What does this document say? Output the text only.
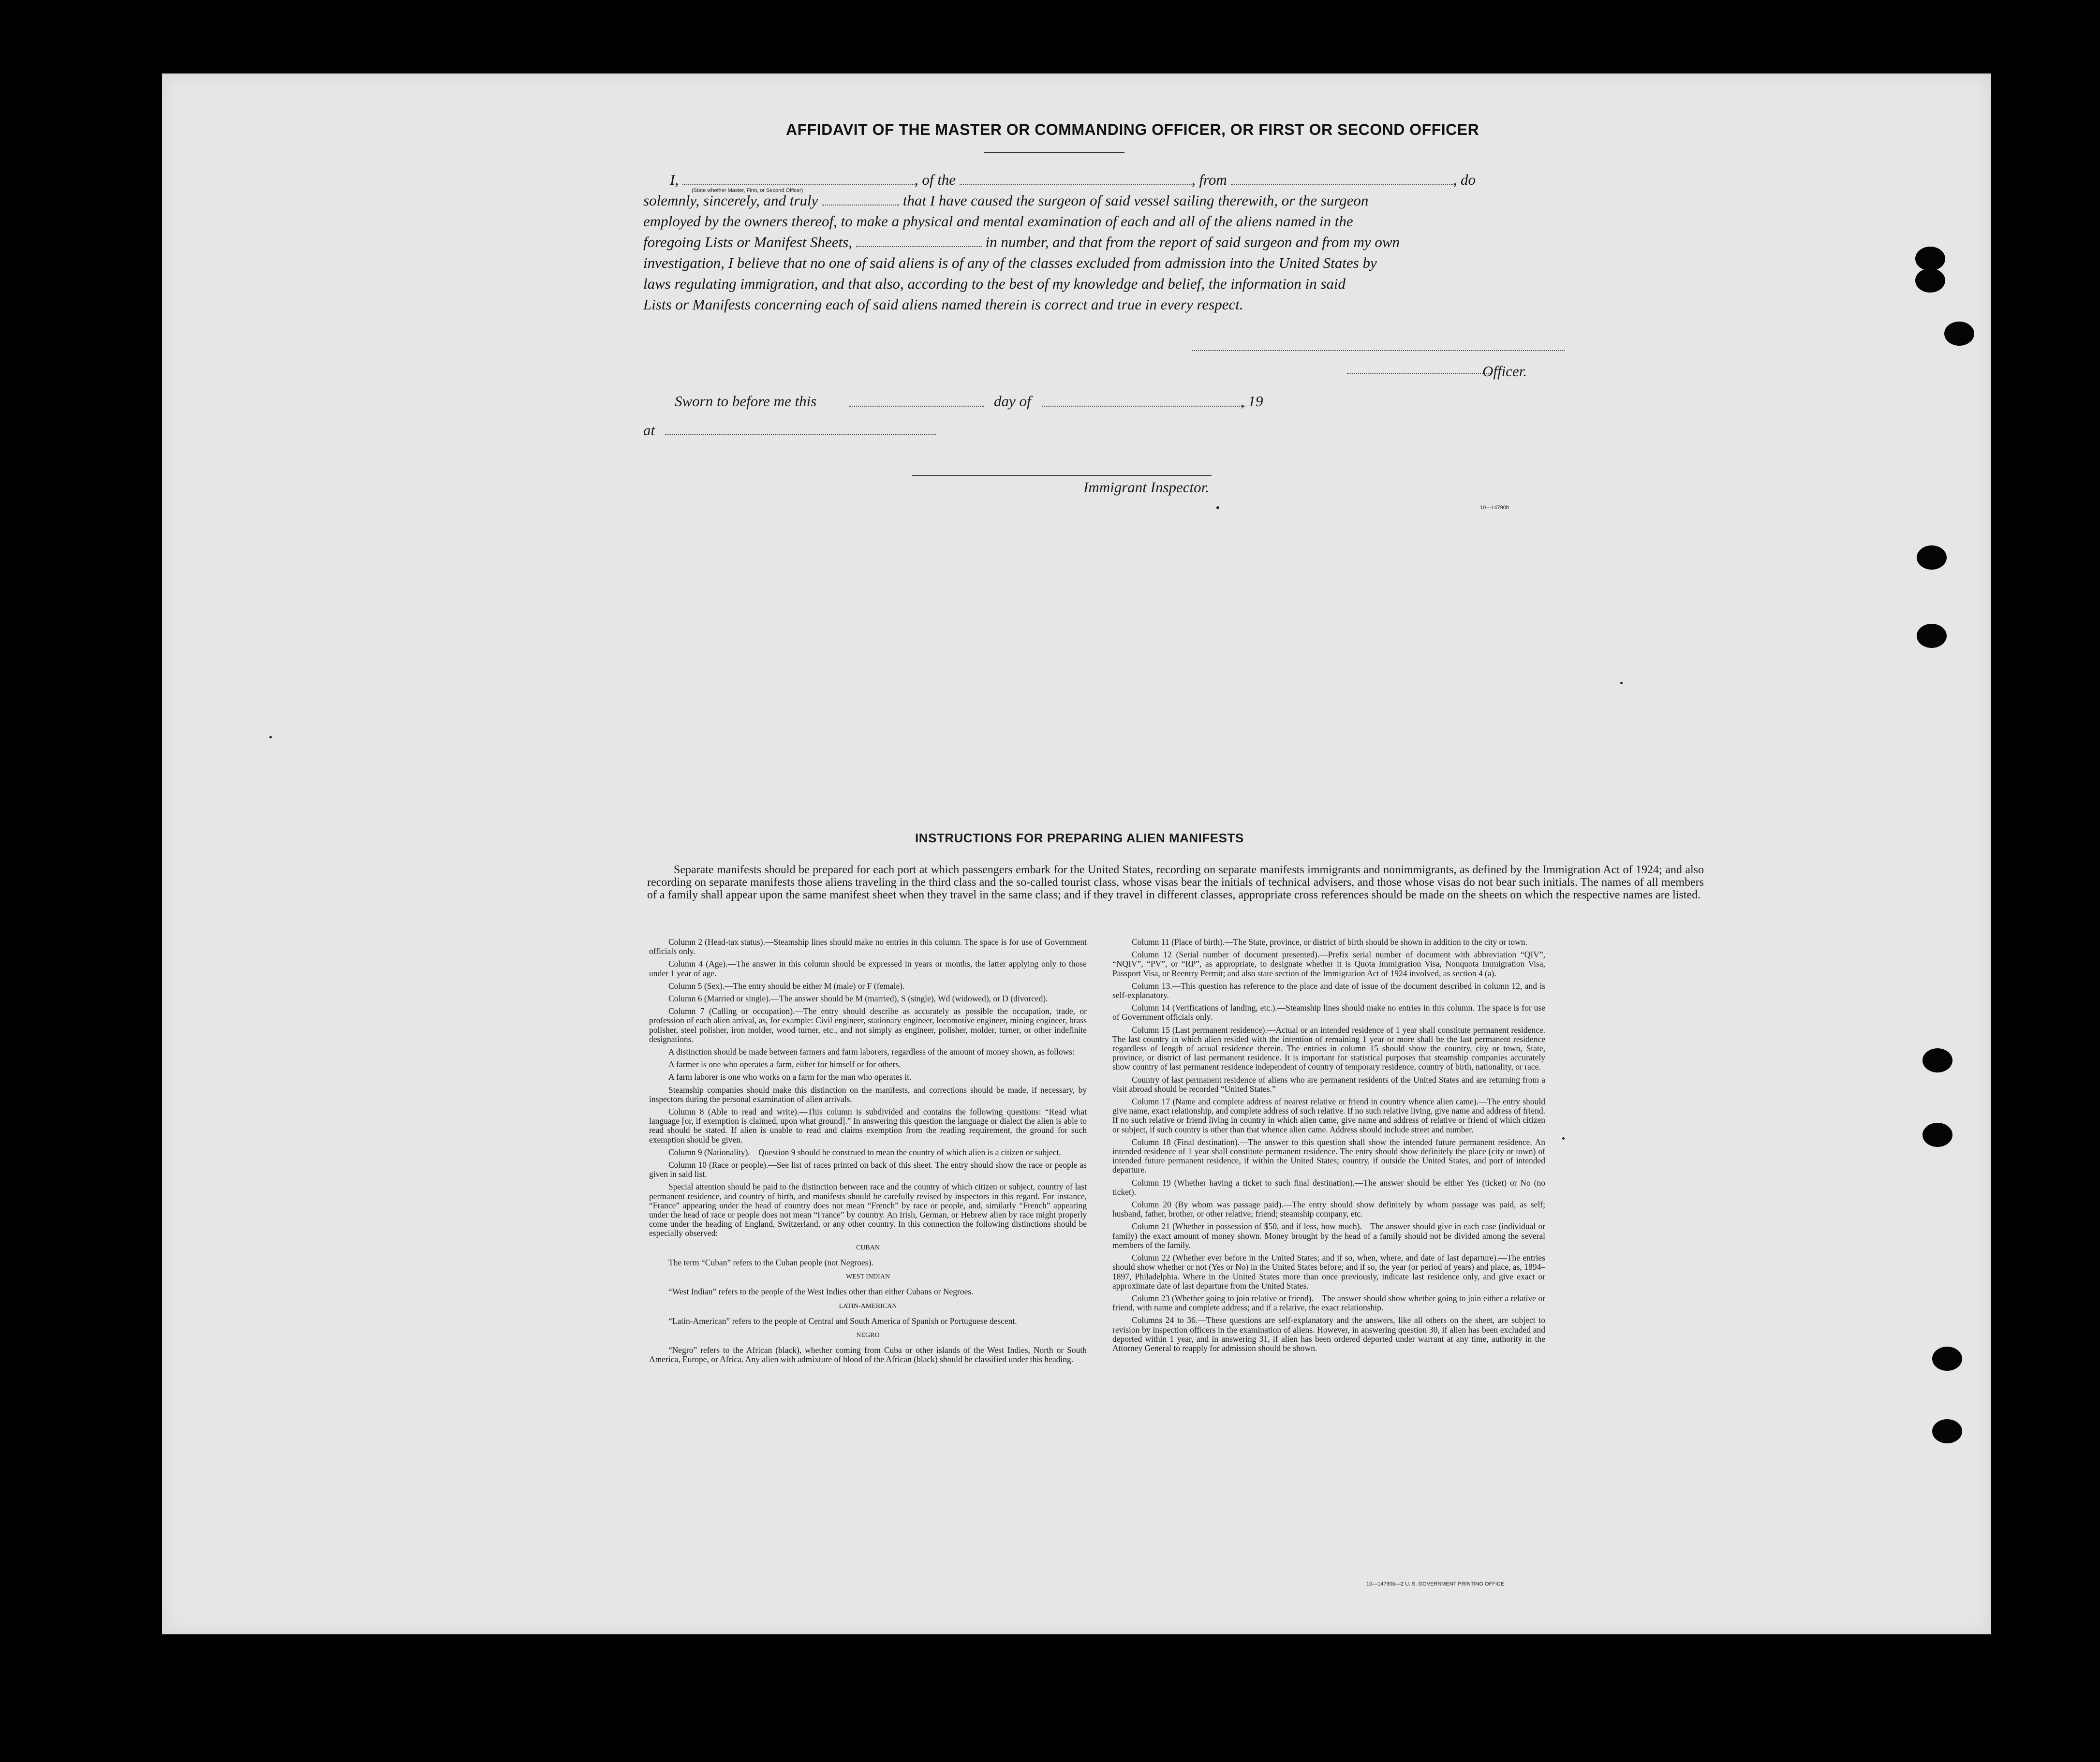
AFFIDAVIT OF THE MASTER OR COMMANDING OFFICER, OR FIRST OR SECOND OFFICER
I,	, of the	, from	, do
(State whether Master, First, or Second Officer)
solemnly, sincerely, and truly	that I have caused the surgeon of said vessel sailing therewith, or the surgeon
employed by the owners thereof, to make a physical and mental examination of each and all of the aliens named in the
foregoing Lists or Manifest Sheets,	in number, and that from the report of said surgeon and from my own
investigation, I believe that no one of said aliens is of any of the classes excluded from admission into the United States by
laws regulating immigration, and that also, according to the best of my knowledge and belief, the information in said
Lists or Manifests concerning each of said aliens named therein is correct and true in every respect.
Officer.
Sworn to before me this	day of	, 19
at
Immigrant Inspector.
10—14790b
INSTRUCTIONS FOR PREPARING ALIEN MANIFESTS
Separate manifests should be prepared for each port at which passengers embark for the United States, recording on separate manifests immigrants and nonimmigrants, as defined by the Immigration Act of 1924; and also recording on separate manifests those aliens traveling in the third class and the so-called tourist class, whose visas bear the initials of technical advisers, and those whose visas do not bear such initials. The names of all members of a family shall appear upon the same manifest sheet when they travel in the same class; and if they travel in different classes, appropriate cross references should be made on the sheets on which the respective names are listed.

Column 2 (Head-tax status).—Steamship lines should make no entries in this column. The space is for use of Government officials only.

Column 4 (Age).—The answer in this column should be expressed in years or months, the latter applying only to those under 1 year of age.

Column 5 (Sex).—The entry should be either M (male) or F (female).

Column 6 (Married or single).—The answer should be M (married), S (single), Wd (widowed), or D (divorced).

Column 7 (Calling or occupation).—The entry should describe as accurately as possible the occupation, trade, or profession of each alien arrival, as, for example: Civil engineer, stationary engineer, locomotive engineer, mining engineer, brass polisher, steel polisher, iron molder, wood turner, etc., and not simply as engineer, polisher, molder, turner, or other indefinite designations.

A distinction should be made between farmers and farm laborers, regardless of the amount of money shown, as follows:

A farmer is one who operates a farm, either for himself or for others.

A farm laborer is one who works on a farm for the man who operates it.

Steamship companies should make this distinction on the manifests, and corrections should be made, if necessary, by inspectors during the personal examination of alien arrivals.

Column 8 (Able to read and write).—This column is subdivided and contains the following questions: “Read what language [or, if exemption is claimed, upon what ground].” In answering this question the language or dialect the alien is able to read should be stated. If alien is unable to read and claims exemption from the reading requirement, the ground for such exemption should be given.

Column 9 (Nationality).—Question 9 should be construed to mean the country of which alien is a citizen or subject.

Column 10 (Race or people).—See list of races printed on back of this sheet. The entry should show the race or people as given in said list.

Special attention should be paid to the distinction between race and the country of which citizen or subject, country of last permanent residence, and country of birth, and manifests should be carefully revised by inspectors in this regard. For instance, “France” appearing under the head of country does not mean “French” by race or people, and, similarly “French” appearing under the head of race or people does not mean “France” by country. An Irish, German, or Hebrew alien by race might properly come under the heading of England, Switzerland, or any other country. In this connection the following distinctions should be especially observed:

CUBAN

The term “Cuban” refers to the Cuban people (not Negroes).

WEST INDIAN

“West Indian” refers to the people of the West Indies other than either Cubans or Negroes.

LATIN-AMERICAN

“Latin-American” refers to the people of Central and South America of Spanish or Portuguese descent.

NEGRO

“Negro” refers to the African (black), whether coming from Cuba or other islands of the West Indies, North or South America, Europe, or Africa. Any alien with admixture of blood of the African (black) should be classified under this heading.

Column 11 (Place of birth).—The State, province, or district of birth should be shown in addition to the city or town.

Column 12 (Serial number of document presented).—Prefix serial number of document with abbreviation “QIV”, “NQIV”, “PV”, or “RP”, as appropriate, to designate whether it is Quota Immigration Visa, Nonquota Immigration Visa, Passport Visa, or Reentry Permit; and also state section of the Immigration Act of 1924 involved, as section 4 (a).

Column 13.—This question has reference to the place and date of issue of the document described in column 12, and is self-explanatory.

Column 14 (Verifications of landing, etc.).—Steamship lines should make no entries in this column. The space is for use of Government officials only.

Column 15 (Last permanent residence).—Actual or an intended residence of 1 year shall constitute permanent residence. The last country in which alien resided with the intention of remaining 1 year or more shall be the last permanent residence regardless of length of actual residence therein. The entries in column 15 should show the country, city or town, State, province, or district of last permanent residence. It is important for statistical purposes that steamship companies accurately show country of last permanent residence independent of country of temporary residence, country of birth, nationality, or race.

Country of last permanent residence of aliens who are permanent residents of the United States and are returning from a visit abroad should be recorded “United States.”

Column 17 (Name and complete address of nearest relative or friend in country whence alien came).—The entry should give name, exact relationship, and complete address of such relative. If no such relative living, give name and address of friend. If no such relative or friend living in country in which alien came, give name and address of relative or friend of which citizen or subject, if such country is other than that whence alien came. Address should include street and number.

Column 18 (Final destination).—The answer to this question shall show the intended future permanent residence. An intended residence of 1 year shall constitute permanent residence. The entry should show definitely the place (city or town) of intended future permanent residence, if within the United States; country, if outside the United States, and port of intended departure.

Column 19 (Whether having a ticket to such final destination).—The answer should be either Yes (ticket) or No (no ticket).

Column 20 (By whom was passage paid).—The entry should show definitely by whom passage was paid, as self; husband, father, brother, or other relative; friend; steamship company, etc.

Column 21 (Whether in possession of $50, and if less, how much).—The answer should give in each case (individual or family) the exact amount of money shown. Money brought by the head of a family should not be divided among the several members of the family.

Column 22 (Whether ever before in the United States; and if so, when, where, and date of last departure).—The entries should show whether or not (Yes or No) in the United States before; and if so, the year (or period of years) and place, as, 1894–1897, Philadelphia. Where in the United States more than once previously, indicate last residence only, and give exact or approximate date of last departure from the United States.

Column 23 (Whether going to join relative or friend).—The answer should show whether going to join either a relative or friend, with name and complete address; and if a relative, the exact relationship.

Columns 24 to 36.—These questions are self-explanatory and the answers, like all others on the sheet, are subject to revision by inspection officers in the examination of aliens. However, in answering question 30, if alien has been excluded and deported within 1 year, and in answering 31, if alien has been ordered deported under warrant at any time, authority in the Attorney General to reapply for admission should be shown.

10—14790b—2 U. S. GOVERNMENT PRINTING OFFICE
